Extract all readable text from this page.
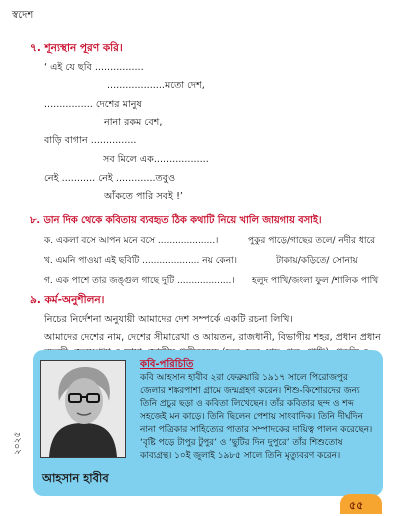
স্বদেশ
৭. শূন্যস্থান পূরণ করি।
‘ এই যে ছবি ................
...................মতো দেশ,
................ দেশের মানুষ
নানা রকম বেশ,
বাড়ি বাগান ...............
সব মিলে এক..................
নেই ........... নেই .............তবুও
আঁকতে পারি সবই !’
৮. ডান দিক থেকে কবিতায় ব্যবহৃত ঠিক কথাটি নিয়ে খালি জায়গায় বসাই।
ক. একলা বসে আপন মনে বসে ....................।	পুকুর পাড়ে/গাছের তলে/ নদীর ধারে
খ. এমনি পাওয়া এই ছবিটি .................... নয় কেনা।	টাকায়/কড়িতে/ সোনায়
গ. এক পাশে তার জঙ্গুল গাছে দুটি ...................। হলুদ পাখি/জংলা ফুল /শালিক পাখি
৯. কর্ম-অনুশীলন।
নিচের নির্দেশনা অনুযায়ী আমাদের দেশ সম্পর্কে একটি রচনা লিখি।
আমাদের দেশের নাম, দেশের সীমারেখা ও আয়তন, রাজধানী, বিভাগীয় শহর, প্রধান প্রধান
কবি-পরিচিতি
কবি আহসান হাবীব ২রা ফেব্রুয়ারি ১৯১৭ সালে পিরোজপুর জেলার শঙ্করপাশা গ্রামে জন্মগ্রহণ করেন। শিশু-কিশোরদের জন্য তিনি প্রচুর ছড়া ও কবিতা লিখেছেন। তাঁর কবিতার ছন্দ ও শব্দ সহজেই মন কাড়ে। তিনি ছিলেন পেশায় সাংবাদিক। তিনি দীর্ঘদিন নানা পত্রিকার সাহিত্যের পাতার সম্পাদকের দায়িত্ব পালন করেছেন। ‘বৃষ্টি পড়ে টাপুর টুপুর’ ও ‘ছুটির দিন দুপুরে’ তাঁর শিশুতোষ কাব্যগ্রন্থ। ১০ই জুলাই ১৯৮৫ সালে তিনি মৃত্যুবরণ করেন।
আহসান হাবীব
২০২৫
৫৫
